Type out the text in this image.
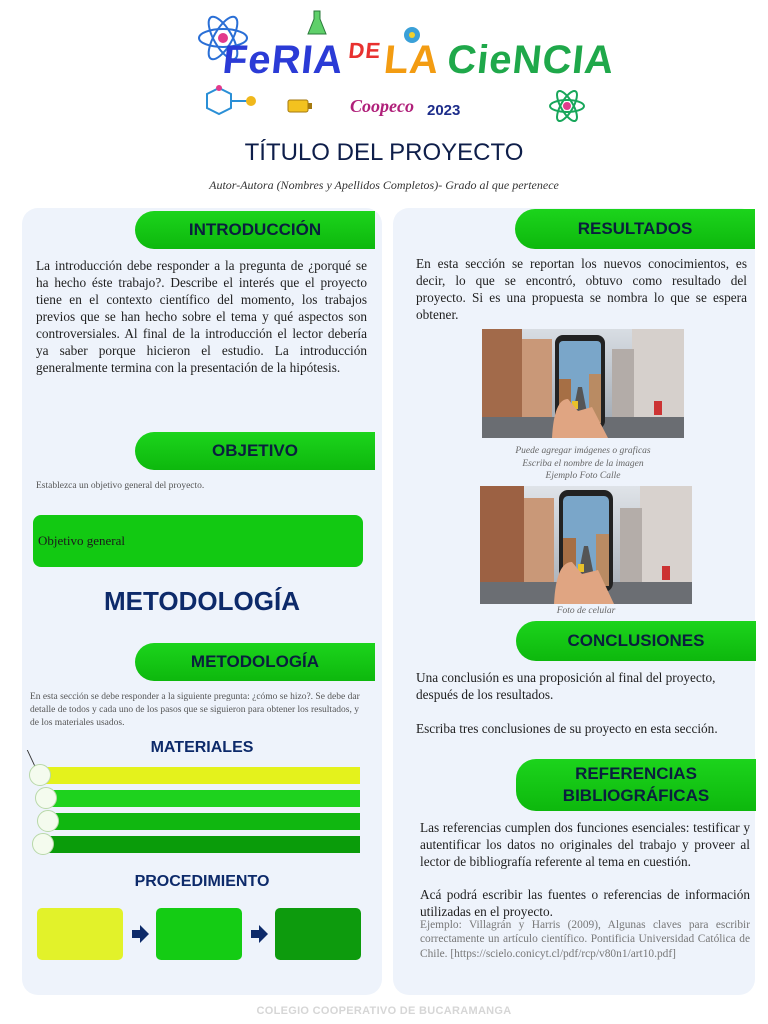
FeRIADELACieNCIA
Coopeco 2023
TÍTULO DEL PROYECTO
Autor-Autora (Nombres y Apellidos Completos)- Grado al que pertenece
INTRODUCCIÓN
La introducción debe responder a la pregunta de ¿porqué se ha hecho éste trabajo?. Describe el interés que el proyecto tiene en el contexto científico del momento, los trabajos previos que se han hecho sobre el tema y qué aspectos son controversiales. Al final de la introducción el lector debería ya saber porque hicieron el estudio. La introducción generalmente termina con la presentación de la hipótesis.
OBJETIVO
Establezca un objetivo general del proyecto.
Objetivo general
METODOLOGÍA
METODOLOGÍA
En esta sección se debe responder a la siguiente pregunta: ¿cómo se hizo?. Se debe dar detalle de todos y cada uno de los pasos que se siguieron para obtener los resultados, y de los materiales usados.
MATERIALES
PROCEDIMIENTO
RESULTADOS
En esta sección se reportan los nuevos conocimientos, es decir, lo que se encontró, obtuvo como resultado del proyecto. Si es una propuesta se nombra lo que se espera obtener.
Puede agregar imágenes o graficas
Escriba el nombre de la imagen
Ejemplo Foto Calle
Foto de celular
CONCLUSIONES
Una conclusión es una proposición al final del proyecto, después de los resultados.
Escriba tres conclusiones de su proyecto en esta sección.
REFERENCIAS
BIBLIOGRÁFICAS
Las referencias cumplen dos funciones esenciales: testificar y autentificar los datos no originales del trabajo y proveer al lector de bibliografía referente al tema en cuestión.
Acá podrá escribir las fuentes o referencias de información utilizadas en el proyecto.
Ejemplo: Villagrán y Harris (2009), Algunas claves para escribir correctamente un artículo científico. Pontificia Universidad Católica de Chile. [https://scielo.conicyt.cl/pdf/rcp/v80n1/art10.pdf]
COLEGIO COOPERATIVO DE BUCARAMANGA
